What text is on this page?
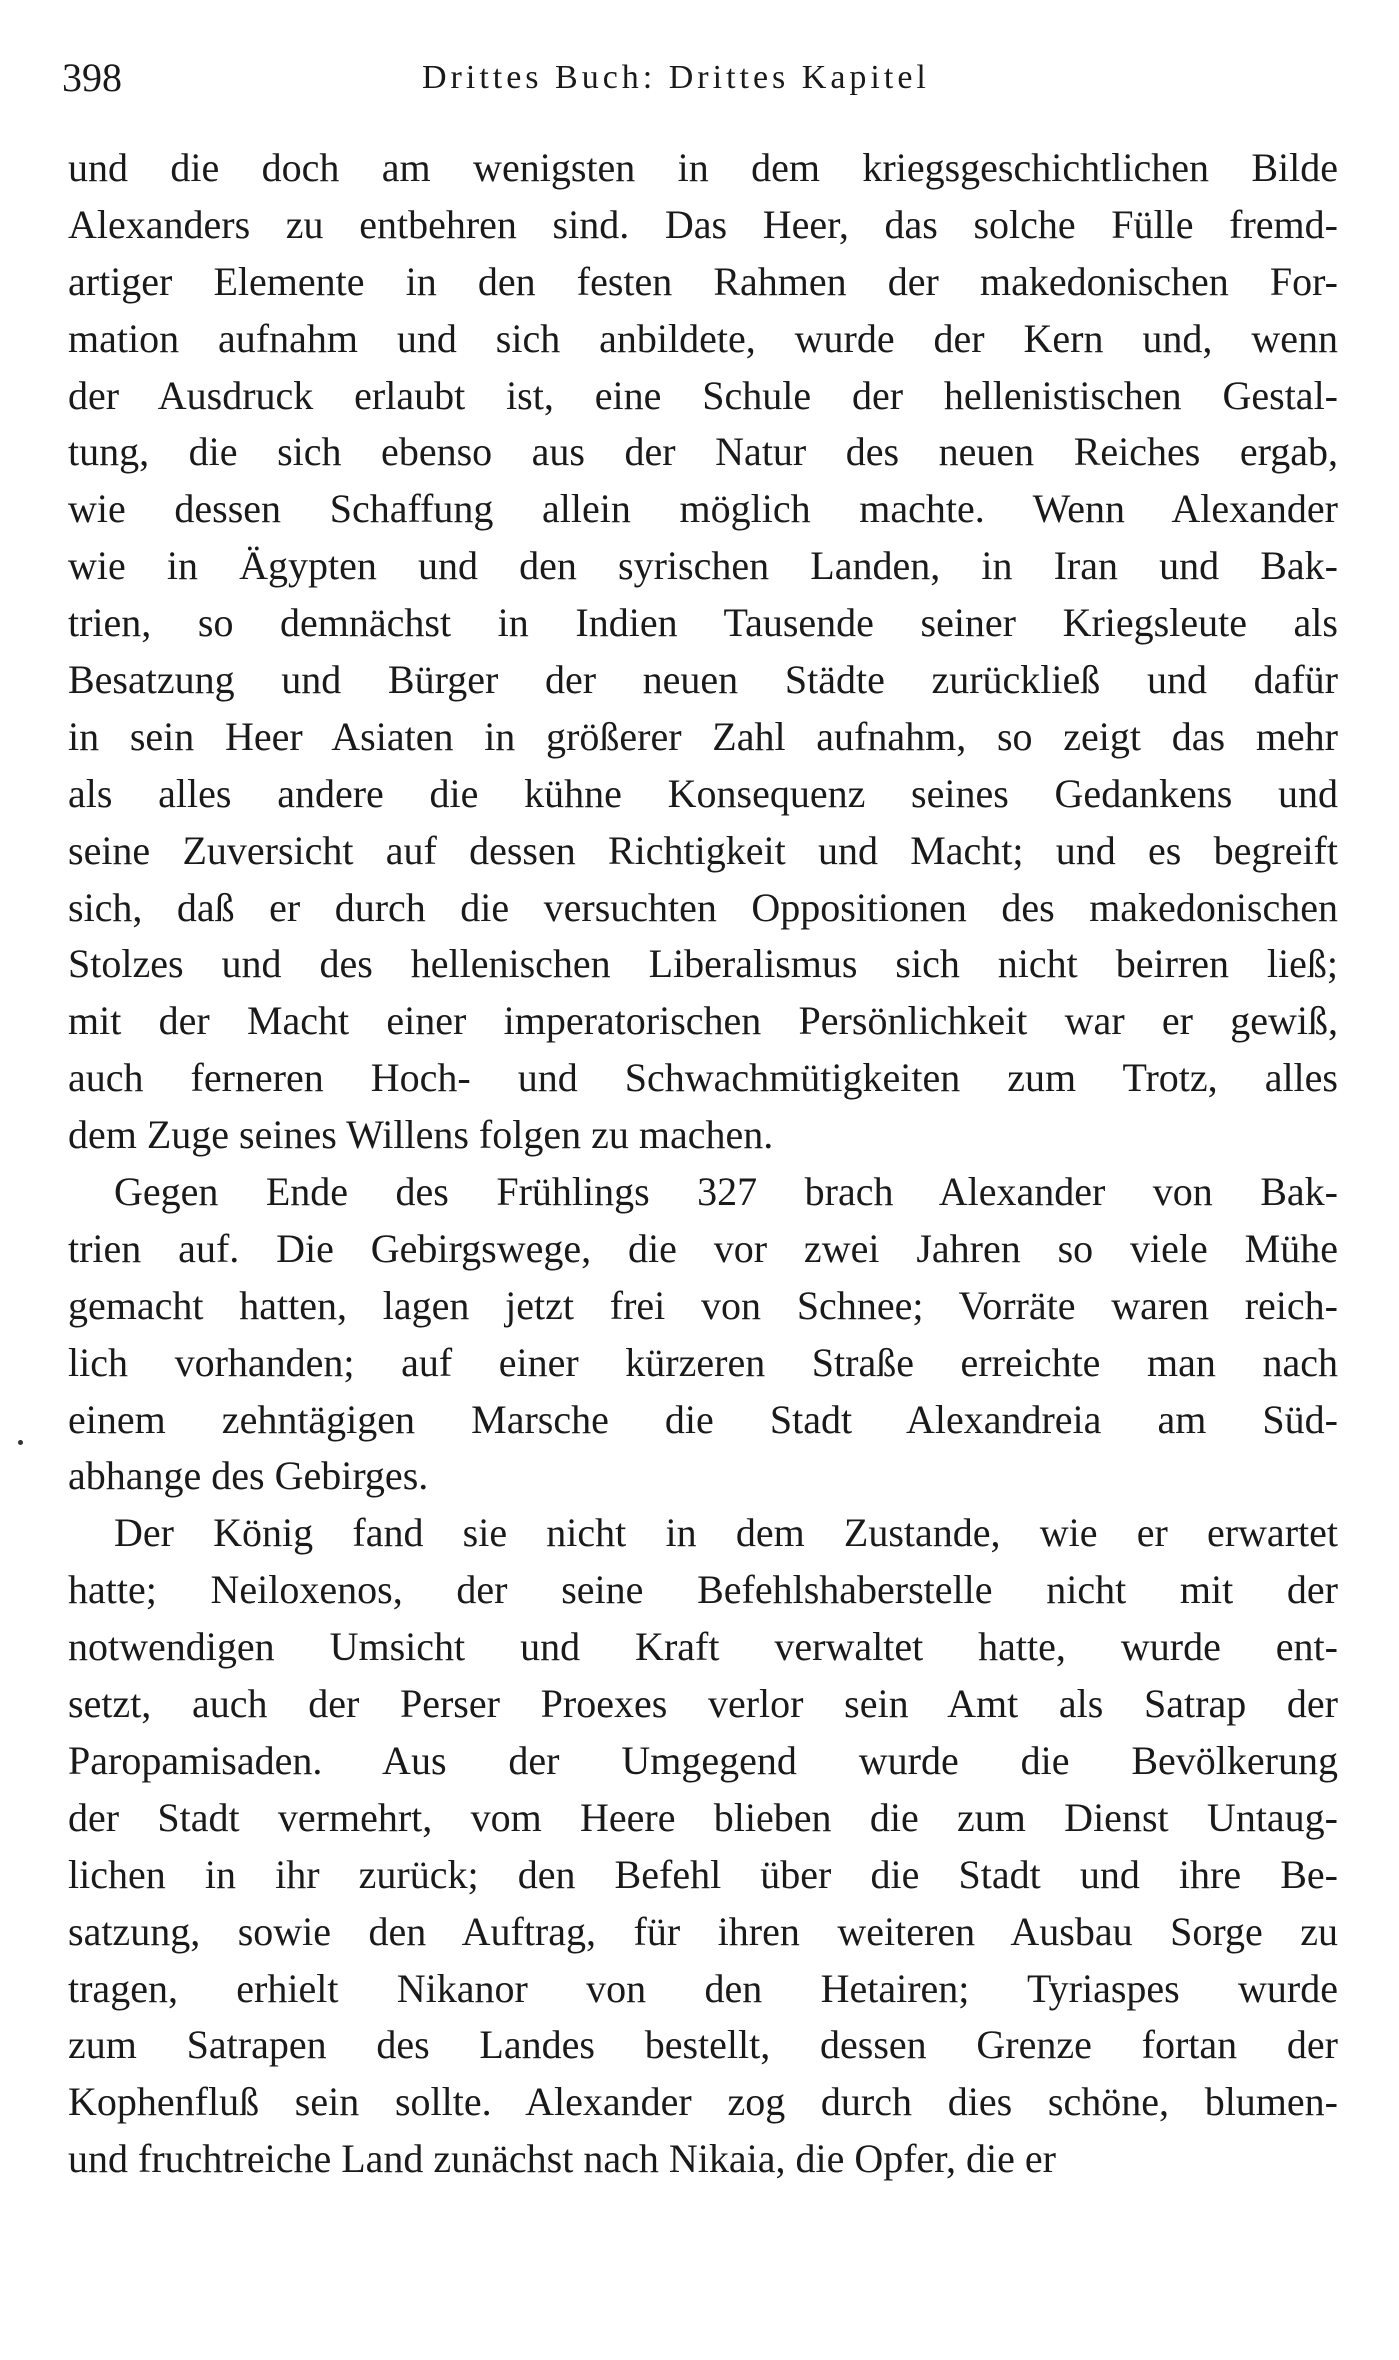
398	Drittes Buch: Drittes Kapitel
und die doch am wenigsten in dem kriegsgeschichtlichen Bilde
Alexanders zu entbehren sind. Das Heer, das solche Fülle fremd-
artiger Elemente in den festen Rahmen der makedonischen For-
mation aufnahm und sich anbildete, wurde der Kern und, wenn
der Ausdruck erlaubt ist, eine Schule der hellenistischen Gestal-
tung, die sich ebenso aus der Natur des neuen Reiches ergab,
wie dessen Schaffung allein möglich machte. Wenn Alexander
wie in Ägypten und den syrischen Landen, in Iran und Bak-
trien, so demnächst in Indien Tausende seiner Kriegsleute als
Besatzung und Bürger der neuen Städte zurückließ und dafür
in sein Heer Asiaten in größerer Zahl aufnahm, so zeigt das mehr
als alles andere die kühne Konsequenz seines Gedankens und
seine Zuversicht auf dessen Richtigkeit und Macht; und es begreift
sich, daß er durch die versuchten Oppositionen des makedonischen
Stolzes und des hellenischen Liberalismus sich nicht beirren ließ;
mit der Macht einer imperatorischen Persönlichkeit war er gewiß,
auch ferneren Hoch- und Schwachmütigkeiten zum Trotz, alles
dem Zuge seines Willens folgen zu machen.
Gegen Ende des Frühlings 327 brach Alexander von Bak-
trien auf. Die Gebirgswege, die vor zwei Jahren so viele Mühe
gemacht hatten, lagen jetzt frei von Schnee; Vorräte waren reich-
lich vorhanden; auf einer kürzeren Straße erreichte man nach
einem zehntägigen Marsche die Stadt Alexandreia am Süd-
abhange des Gebirges.
Der König fand sie nicht in dem Zustande, wie er erwartet
hatte; Neiloxenos, der seine Befehlshaberstelle nicht mit der
notwendigen Umsicht und Kraft verwaltet hatte, wurde ent-
setzt, auch der Perser Proexes verlor sein Amt als Satrap der
Paropamisaden. Aus der Umgegend wurde die Bevölkerung
der Stadt vermehrt, vom Heere blieben die zum Dienst Untaug-
lichen in ihr zurück; den Befehl über die Stadt und ihre Be-
satzung, sowie den Auftrag, für ihren weiteren Ausbau Sorge zu
tragen, erhielt Nikanor von den Hetairen; Tyriaspes wurde
zum Satrapen des Landes bestellt, dessen Grenze fortan der
Kophenfluß sein sollte. Alexander zog durch dies schöne, blumen-
und fruchtreiche Land zunächst nach Nikaia, die Opfer, die er
